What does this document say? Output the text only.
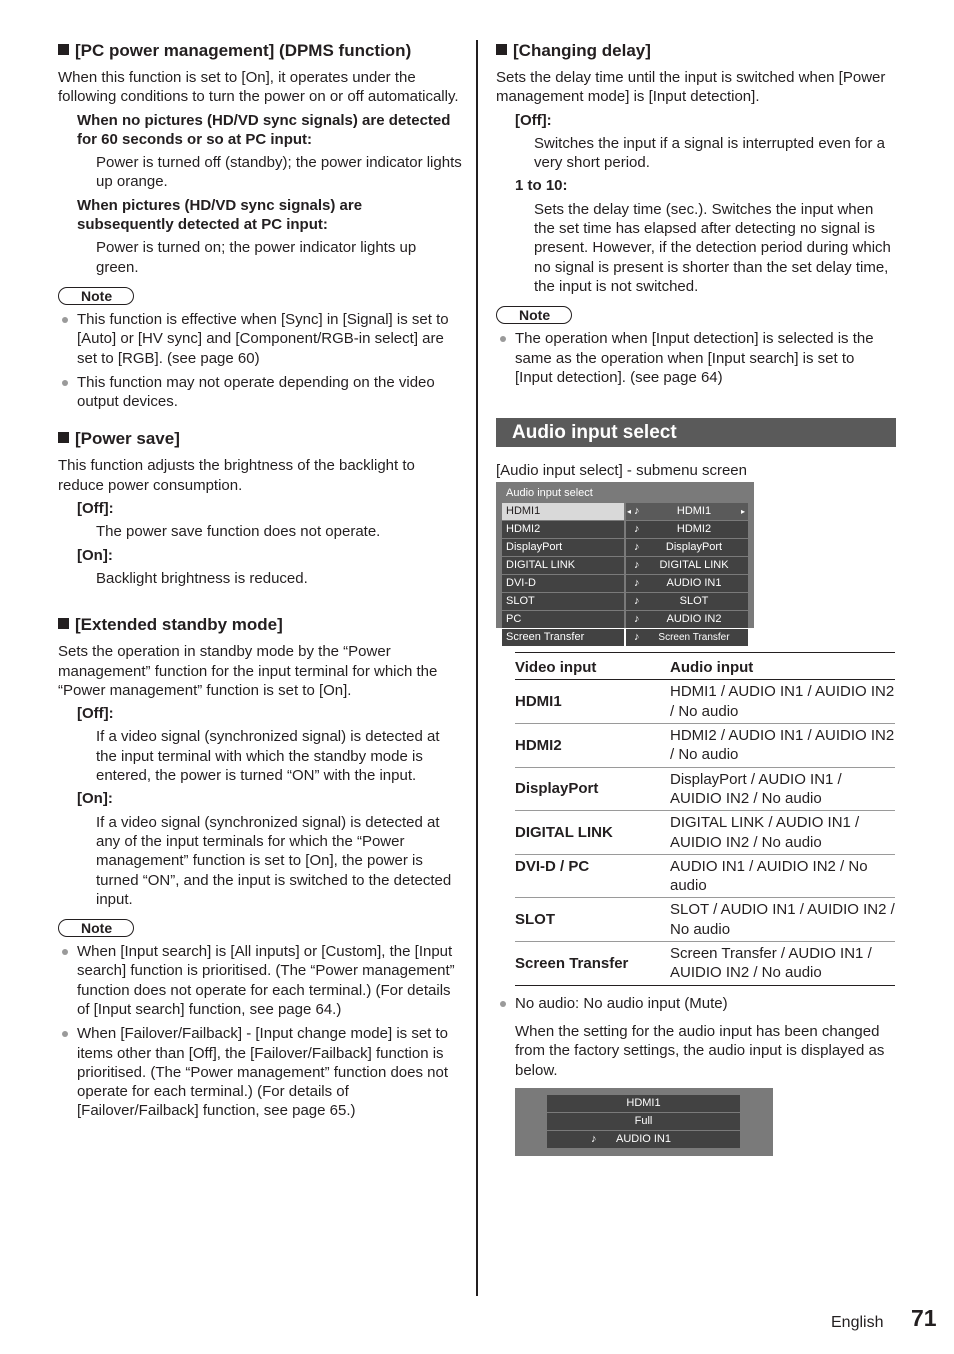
[PC power management] (DPMS function)

When this function is set to [On], it operates under the following conditions to turn the power on or off automatically.

When no pictures (HD/VD sync signals) are detected for 60 seconds or so at PC input:

Power is turned off (standby); the power indicator lights up orange.

When pictures (HD/VD sync signals) are subsequently detected at PC input:

Power is turned on; the power indicator lights up green.

Note
This function is effective when [Sync] in [Signal] is set to [Auto] or [HV sync] and [Component/RGB-in select] are set to [RGB]. (see page 60)
This function may not operate depending on the video output devices.
[Power save]

This function adjusts the brightness of the backlight to reduce power consumption.

[Off]:

The power save function does not operate.

[On]:

Backlight brightness is reduced.

[Extended standby mode]

Sets the operation in standby mode by the “Power management” function for the input terminal for which the “Power management” function is set to [On].

[Off]:

If a video signal (synchronized signal) is detected at the input terminal with which the standby mode is entered, the power is turned “ON” with the input.

[On]:

If a video signal (synchronized signal) is detected at any of the input terminals for which the “Power management” function is set to [On], the power is turned “ON”, and the input is switched to the detected input.

Note
When [Input search] is [All inputs] or [Custom], the [Input search] function is prioritised. (The “Power management” function does not operate for each terminal.) (For details of [Input search] function, see page 64.)
When [Failover/Failback] - [Input change mode] is set to items other than [Off], the [Failover/Failback] function is prioritised. (The “Power management” function does not operate for each terminal.) (For details of [Failover/Failback] function, see page 65.)
[Changing delay]

Sets the delay time until the input is switched when [Power management mode] is [Input detection].

[Off]:

Switches the input if a signal is interrupted even for a very short period.

1 to 10:

Sets the delay time (sec.). Switches the input when the set time has elapsed after detecting no signal is present. However, if the detection period during which no signal is present is shorter than the set delay time, the input is not switched.

Note
The operation when [Input detection] is selected is the same as the operation when [Input search] is set to [Input detection]. (see page 64)
Audio input select

[Audio input select] - submenu screen

Audio input select
HDMI1	◂ ♪	HDMI1	▸
HDMI2	♪	HDMI2
DisplayPort	♪ DisplayPort
DIGITAL LINK	♪ DIGITAL LINK
DVI-D	♪ AUDIO IN1
SLOT	♪	SLOT
PC	♪ AUDIO IN2
Screen Transfer	♪ Screen Transfer
Video input	Audio input
HDMI1	HDMI1 / AUDIO IN1 / AUIDIO IN2 / No audio
HDMI2	HDMI2 / AUDIO IN1 / AUIDIO IN2 / No audio
DisplayPort	DisplayPort / AUDIO IN1 / AUIDIO IN2 / No audio
DIGITAL LINK	DIGITAL LINK / AUDIO IN1 / AUIDIO IN2 / No audio
DVI-D / PC	AUDIO IN1 / AUIDIO IN2 / No audio
SLOT	SLOT / AUDIO IN1 / AUIDIO IN2 / No audio
Screen Transfer	Screen Transfer / AUDIO IN1 / AUIDIO IN2 / No audio
No audio: No audio input (Mute)

When the setting for the audio input has been changed from the factory settings, the audio input is displayed as below.

HDMI1
Full
♪ AUDIO IN1
English 71
